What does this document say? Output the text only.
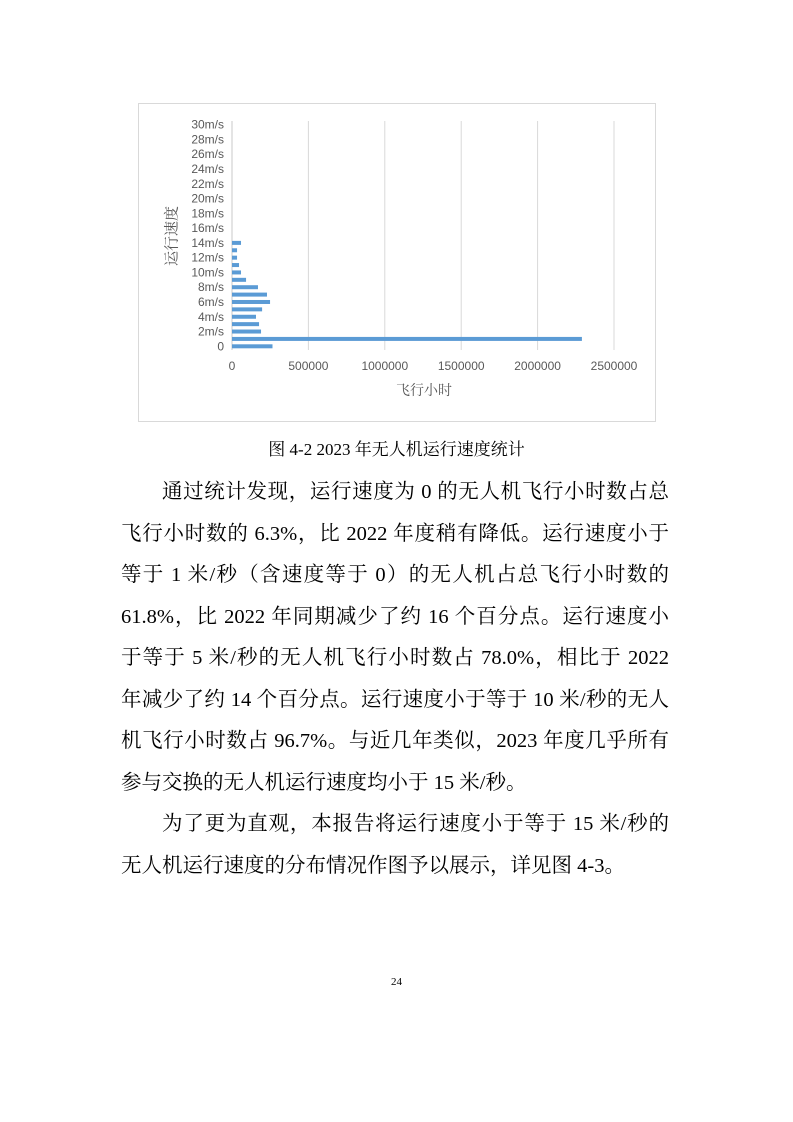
0
2m/s
4m/s
6m/s
8m/s
10m/s
12m/s
14m/s
16m/s
18m/s
20m/s
22m/s
24m/s
26m/s
28m/s
30m/s
0	500000	1000000 1500000 2000000 2500000
飞行小时
运行速度
图 4-2 2023 年无人机运行速度统计
通过统计发现，运行速度为 0 的无人机飞行小时数占总
飞行小时数的 6.3%，比 2022 年度稍有降低。运行速度小于
等于 1 米/秒（含速度等于 0）的无人机占总飞行小时数的
61.8%，比 2022 年同期减少了约 16 个百分点。运行速度小
于等于 5 米/秒的无人机飞行小时数占 78.0%，相比于 2022
年减少了约 14 个百分点。运行速度小于等于 10 米/秒的无人
机飞行小时数占 96.7%。与近几年类似，2023 年度几乎所有
参与交换的无人机运行速度均小于 15 米/秒。
为了更为直观，本报告将运行速度小于等于 15 米/秒的
无人机运行速度的分布情况作图予以展示，详见图 4-3。
24
